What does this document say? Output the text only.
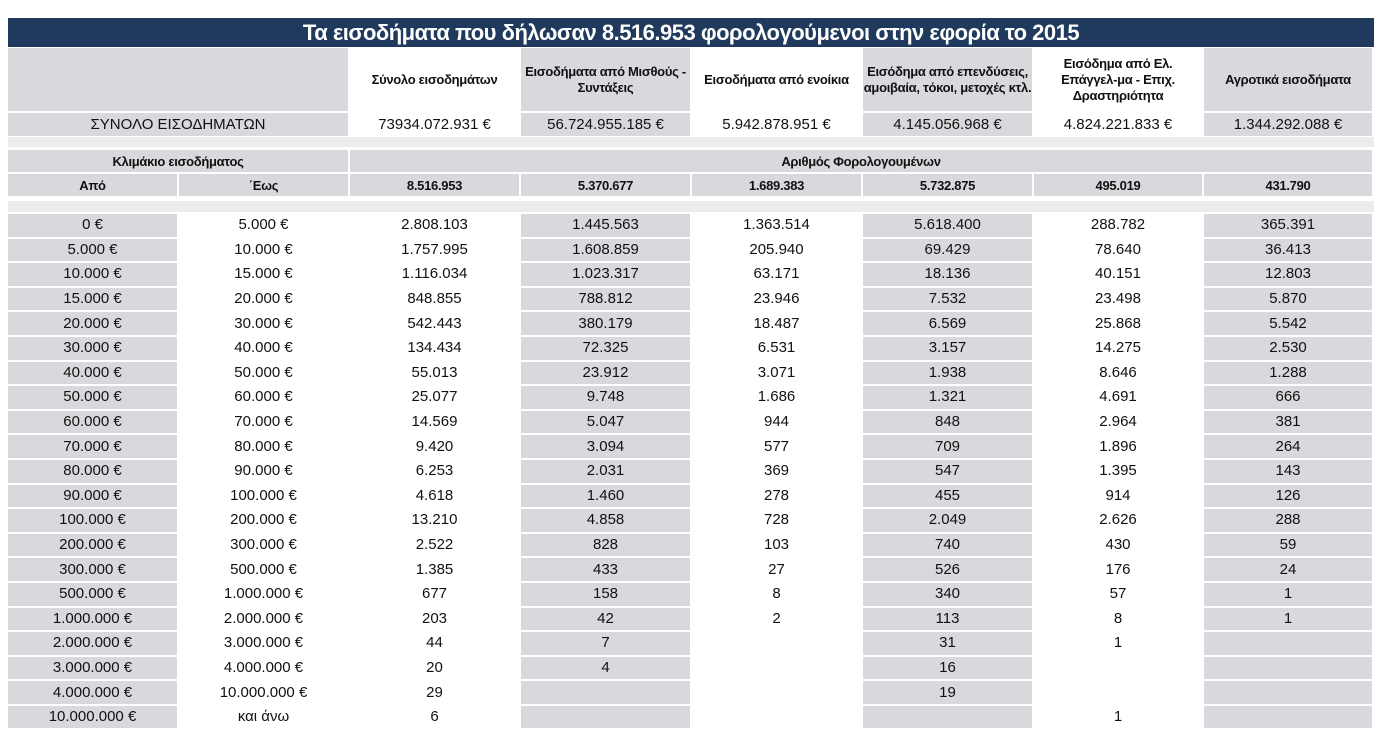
Τα εισοδήματα που δήλωσαν 8.516.953 φορολογούμενοι στην εφορία το 2015
	Σύνολο εισοδημάτων	Εισοδήματα από Μισθούς - Συντάξεις	Εισοδήματα από ενοίκια	Εισόδημα από επενδύσεις, αμοιβαία, τόκοι, μετοχές κτλ.	Εισόδημα από Ελ. Επάγγελ-μα - Επιχ. Δραστηριότητα	Αγροτικά εισοδήματα
ΣΥΝΟΛΟ ΕΙΣΟΔΗΜΑΤΩΝ	73934.072.931 €	56.724.955.185 €	5.942.878.951 €	4.145.056.968 €	4.824.221.833 €	1.344.292.088 €
Κλιμάκιο εισοδήματος		Αριθμός Φορολογουμένων					
Από	΄Εως	8.516.953	5.370.677	1.689.383	5.732.875	495.019	431.790
0 €	5.000 €	2.808.103	1.445.563	1.363.514	5.618.400	288.782	365.391
5.000 €	10.000 €	1.757.995	1.608.859	205.940	69.429	78.640	36.413
10.000 €	15.000 €	1.116.034	1.023.317	63.171	18.136	40.151	12.803
15.000 €	20.000 €	848.855	788.812	23.946	7.532	23.498	5.870
20.000 €	30.000 €	542.443	380.179	18.487	6.569	25.868	5.542
30.000 €	40.000 €	134.434	72.325	6.531	3.157	14.275	2.530
40.000 €	50.000 €	55.013	23.912	3.071	1.938	8.646	1.288
50.000 €	60.000 €	25.077	9.748	1.686	1.321	4.691	666
60.000 €	70.000 €	14.569	5.047	944	848	2.964	381
70.000 €	80.000 €	9.420	3.094	577	709	1.896	264
80.000 €	90.000 €	6.253	2.031	369	547	1.395	143
90.000 €	100.000 €	4.618	1.460	278	455	914	126
100.000 €	200.000 €	13.210	4.858	728	2.049	2.626	288
200.000 €	300.000 €	2.522	828	103	740	430	59
300.000 €	500.000 €	1.385	433	27	526	176	24
500.000 €	1.000.000 €	677	158	8	340	57	1
1.000.000 €	2.000.000 €	203	42	2	113	8	1
2.000.000 €	3.000.000 €	44	7		31	1	
3.000.000 €	4.000.000 €	20	4		16		
4.000.000 €	10.000.000 €	29			19		
10.000.000 €	και άνω	6				1	
